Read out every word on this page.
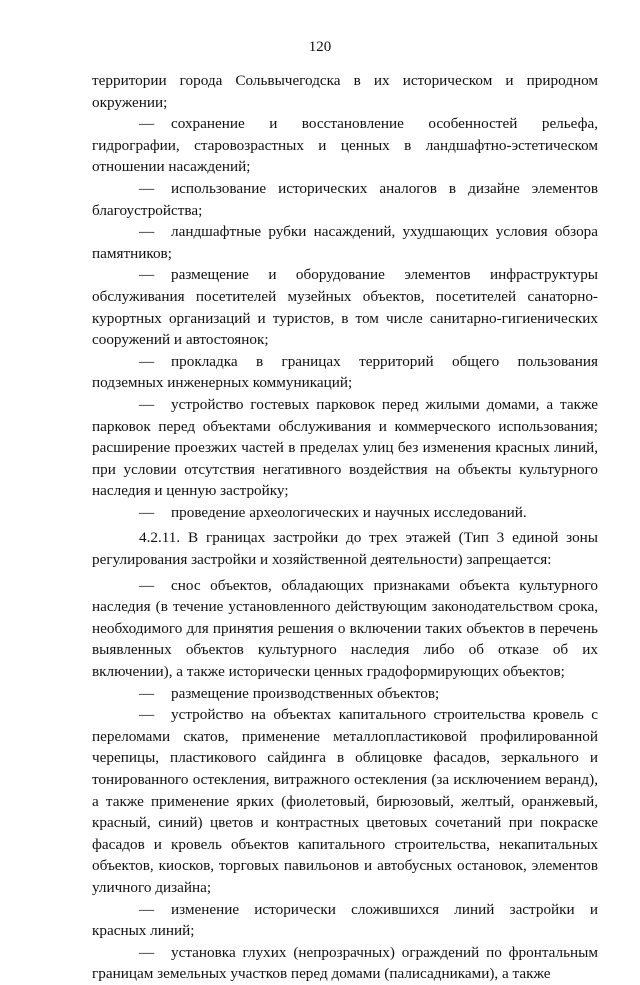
120

территории города Сольвычегодска в их историческом и природном окружении;

— сохранение и восстановление особенностей рельефа, гидрографии, старовозрастных и ценных в ландшафтно-эстетическом отношении насаждений;

— использование исторических аналогов в дизайне элементов благоустройства;

— ландшафтные рубки насаждений, ухудшающих условия обзора памятников;

— размещение и оборудование элементов инфраструктуры обслуживания посетителей музейных объектов, посетителей санаторно-курортных организаций и туристов, в том числе санитарно-гигиенических сооружений и автостоянок;

— прокладка в границах территорий общего пользования подземных инженерных коммуникаций;

— устройство гостевых парковок перед жилыми домами, а также парковок перед объектами обслуживания и коммерческого использования; расширение проезжих частей в пределах улиц без изменения красных линий, при условии отсутствия негативного воздействия на объекты культурного наследия и ценную застройку;

— проведение археологических и научных исследований.

4.2.11. В границах застройки до трех этажей (Тип 3 единой зоны регулирования застройки и хозяйственной деятельности) запрещается:

— снос объектов, обладающих признаками объекта культурного наследия (в течение установленного действующим законодательством срока, необходимого для принятия решения о включении таких объектов в перечень выявленных объектов культурного наследия либо об отказе об их включении), а также исторически ценных градоформирующих объектов;

— размещение производственных объектов;

— устройство на объектах капитального строительства кровель с переломами скатов, применение металлопластиковой профилированной черепицы, пластикового сайдинга в облицовке фасадов, зеркального и тонированного остекления, витражного остекления (за исключением веранд), а также применение ярких (фиолетовый, бирюзовый, желтый, оранжевый, красный, синий) цветов и контрастных цветовых сочетаний при покраске фасадов и кровель объектов капитального строительства, некапитальных объектов, киосков, торговых павильонов и автобусных остановок, элементов уличного дизайна;

— изменение исторически сложившихся линий застройки и красных линий;

— установка глухих (непрозрачных) ограждений по фронтальным границам земельных участков перед домами (палисадниками), а также
